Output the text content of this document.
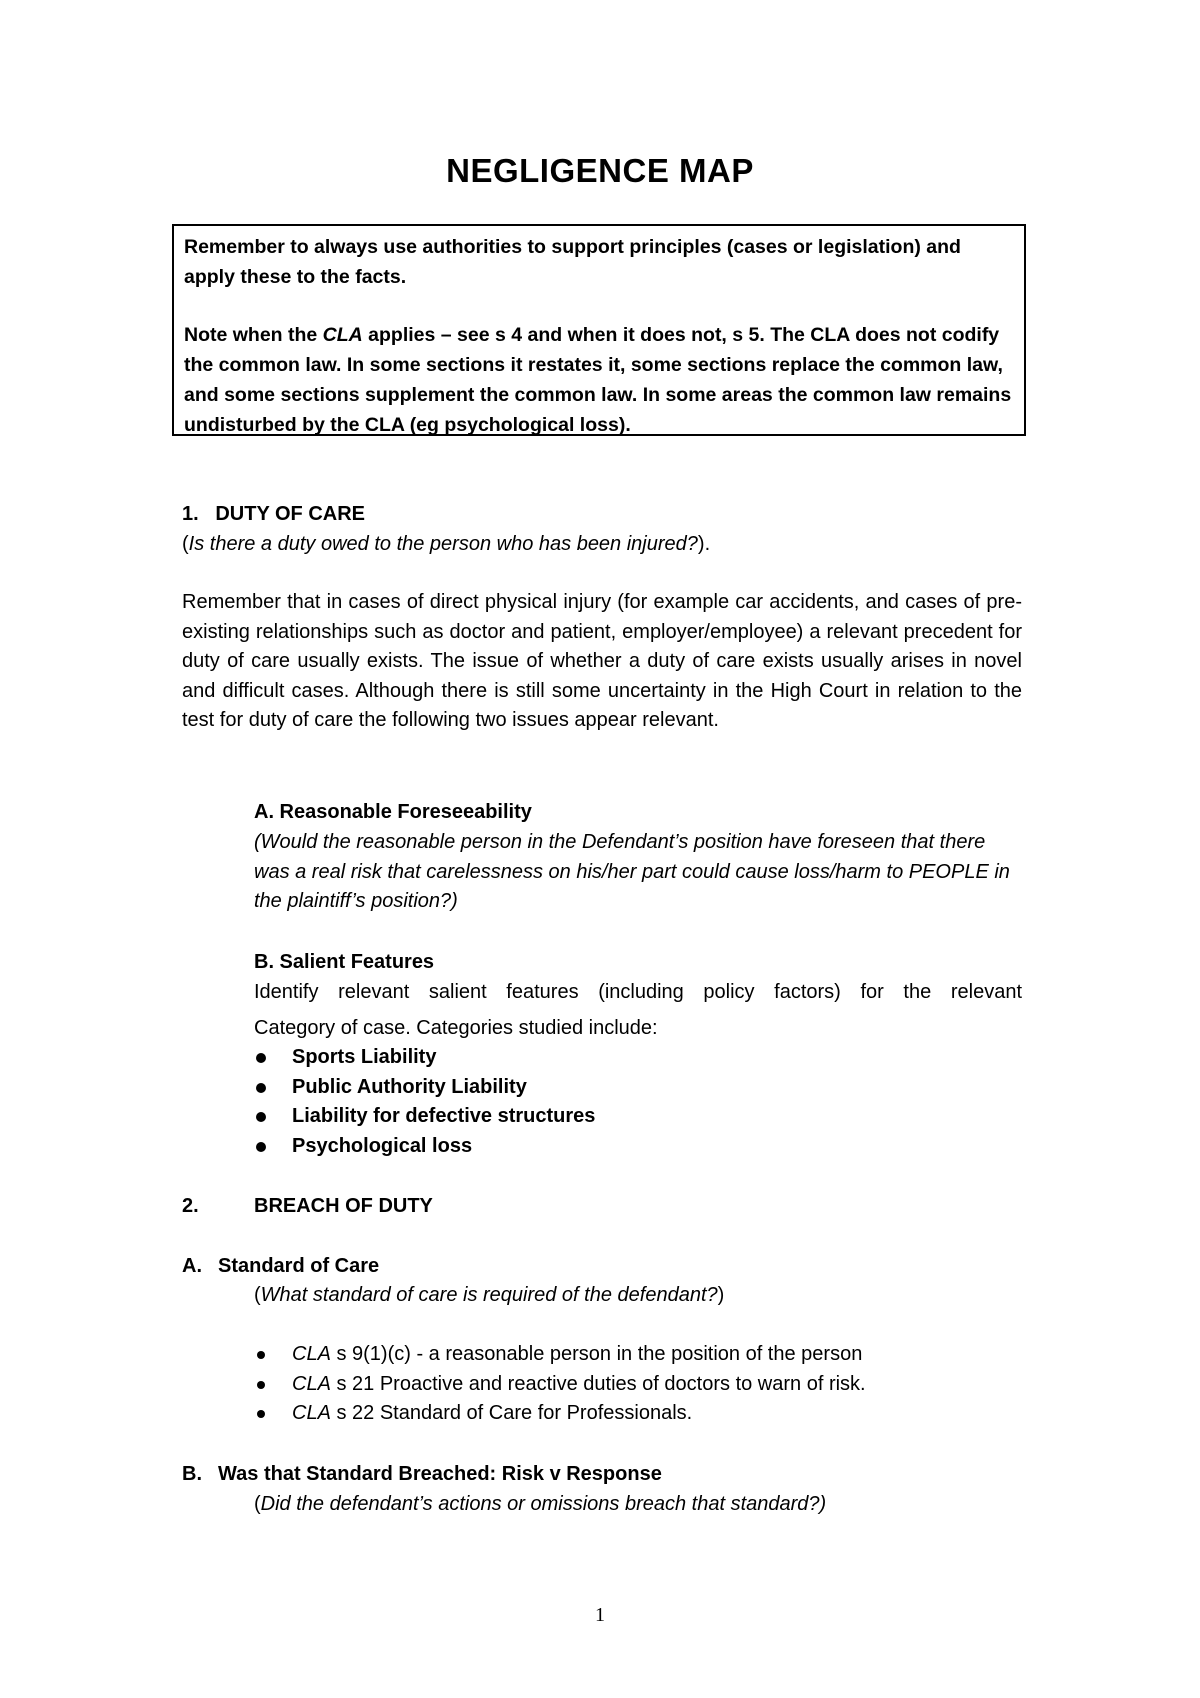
NEGLIGENCE MAP

Remember to always use authorities to support principles (cases or legislation) and apply these to the facts.

Note when the CLA applies – see s 4 and when it does not, s 5. The CLA does not codify the common law. In some sections it restates it, some sections replace the common law, and some sections supplement the common law. In some areas the common law remains undisturbed by the CLA (eg psychological loss).

1.   DUTY OF CARE
(Is there a duty owed to the person who has been injured?).
Remember that in cases of direct physical injury (for example car accidents, and cases of pre-existing relationships such as doctor and patient, employer/employee) a relevant precedent for duty of care usually exists. The issue of whether a duty of care exists usually arises in novel and difficult cases. Although there is still some uncertainty in the High Court in relation to the test for duty of care the following two issues appear relevant.
A. Reasonable Foreseeability
(Would the reasonable person in the Defendant’s position have foreseen that there was a real risk that carelessness on his/her part could cause loss/harm to PEOPLE in the plaintiff’s position?)
B. Salient Features
Identify relevant salient features (including policy factors) for the relevant
Category of case. Categories studied include:
Sports Liability
Public Authority Liability
Liability for defective structures
Psychological loss
2.	BREACH OF DUTY
A. Standard of Care
(What standard of care is required of the defendant?)
CLA s 9(1)(c) - a reasonable person in the position of the person
CLA s 21 Proactive and reactive duties of doctors to warn of risk.
CLA s 22 Standard of Care for Professionals.
B. Was that Standard Breached: Risk v Response
(Did the defendant’s actions or omissions breach that standard?)
1
